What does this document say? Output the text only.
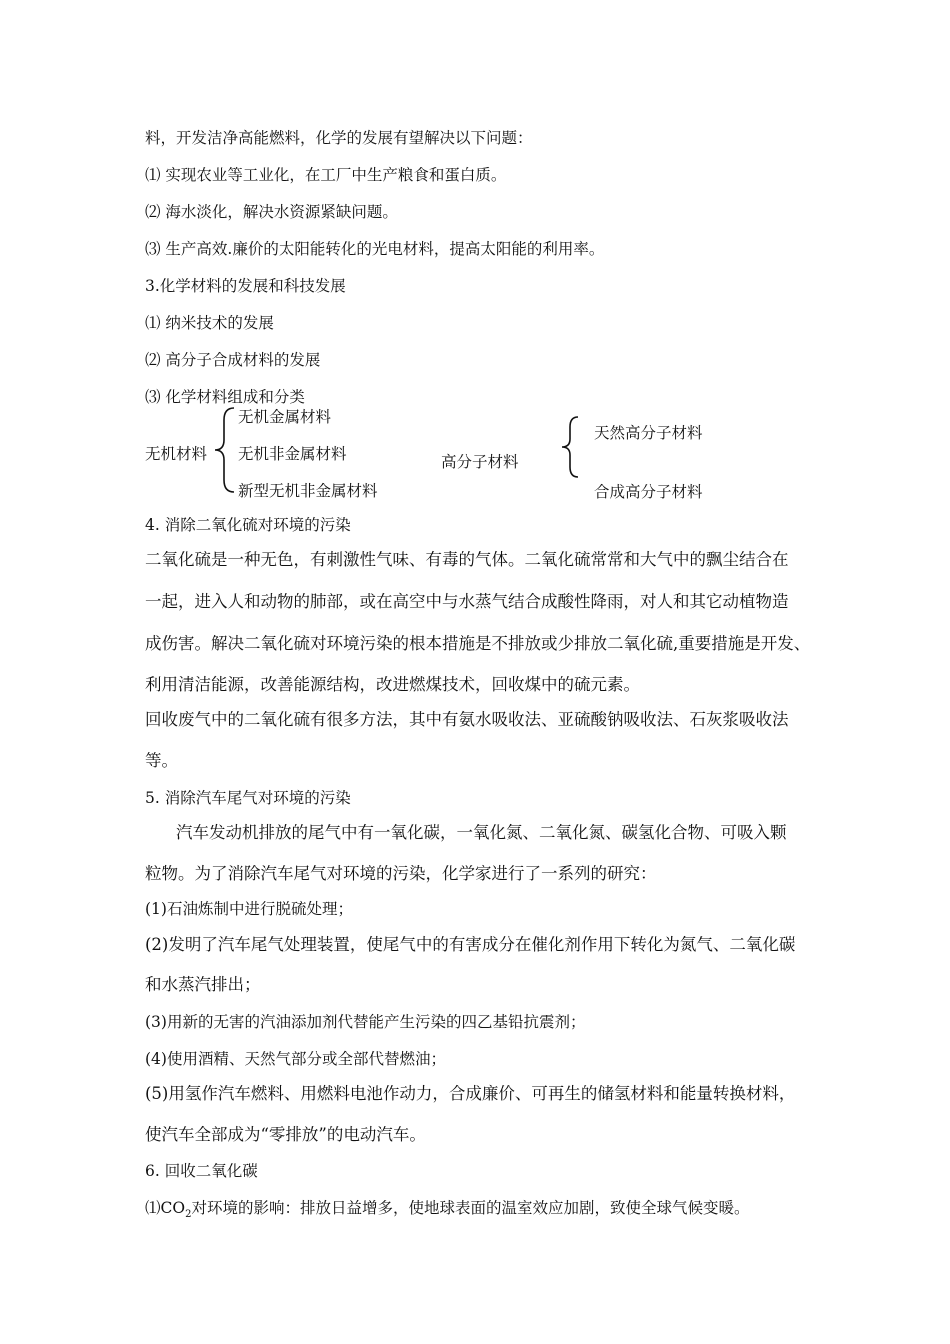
料，开发洁净高能燃料，化学的发展有望解决以下问题：
⑴ 实现农业等工业化，在工厂中生产粮食和蛋白质。
⑵ 海水淡化，解决水资源紧缺问题。
⑶ 生产高效.廉价的太阳能转化的光电材料，提高太阳能的利用率。
3.化学材料的发展和科技发展
⑴ 纳米技术的发展
⑵ 高分子合成材料的发展
⑶ 化学材料组成和分类
无机材料
无机金属材料
无机非金属材料
新型无机非金属材料
高分子材料
天然高分子材料
合成高分子材料
4. 消除二氧化硫对环境的污染
二氧化硫是一种无色，有刺激性气味、有毒的气体。二氧化硫常常和大气中的飘尘结合在
一起，进入人和动物的肺部，或在高空中与水蒸气结合成酸性降雨，对人和其它动植物造
成伤害。解决二氧化硫对环境污染的根本措施是不排放或少排放二氧化硫,重要措施是开发、
利用清洁能源，改善能源结构，改进燃煤技术，回收煤中的硫元素。
回收废气中的二氧化硫有很多方法，其中有氨水吸收法、亚硫酸钠吸收法、石灰浆吸收法
等。
5. 消除汽车尾气对环境的污染
汽车发动机排放的尾气中有一氧化碳，一氧化氮、二氧化氮、碳氢化合物、可吸入颗
粒物。为了消除汽车尾气对环境的污染，化学家进行了一系列的研究：
(1)石油炼制中进行脱硫处理；
(2)发明了汽车尾气处理装置，使尾气中的有害成分在催化剂作用下转化为氮气、二氧化碳
和水蒸汽排出；
(3)用新的无害的汽油添加剂代替能产生污染的四乙基铅抗震剂；
(4)使用酒精、天然气部分或全部代替燃油；
(5)用氢作汽车燃料、用燃料电池作动力，合成廉价、可再生的储氢材料和能量转换材料，
使汽车全部成为“零排放”的电动汽车。
6. 回收二氧化碳
$⑴CO_2$对环境的影响：排放日益增多，使地球表面的温室效应加剧，致使全球气候变暖。
